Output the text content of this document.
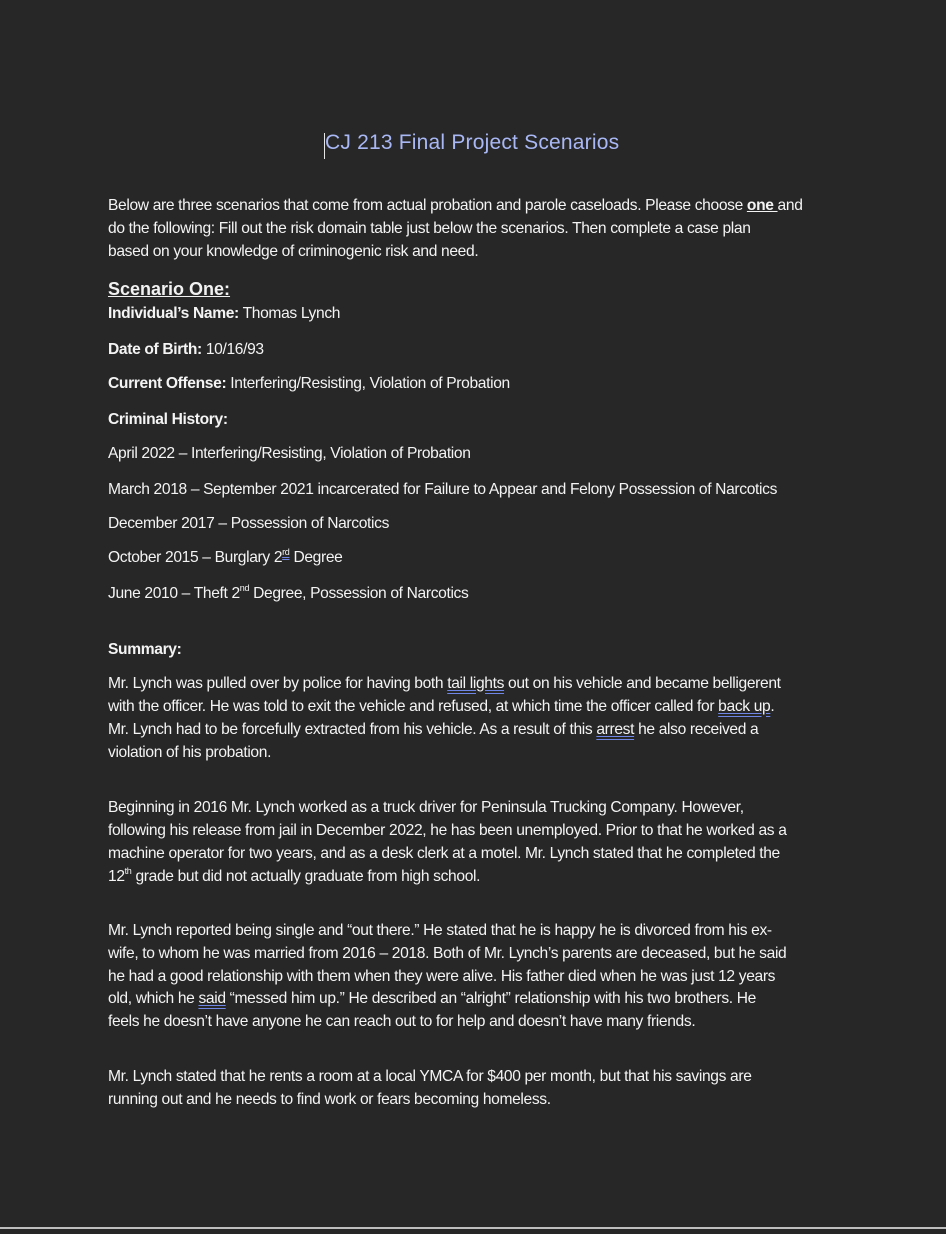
CJ 213 Final Project Scenarios
Below are three scenarios that come from actual probation and parole caseloads. Please choose one and
do the following: Fill out the risk domain table just below the scenarios. Then complete a case plan
based on your knowledge of criminogenic risk and need.
Scenario One:
Individual’s Name: Thomas Lynch
Date of Birth: 10/16/93
Current Offense: Interfering/Resisting, Violation of Probation
Criminal History:
April 2022 – Interfering/Resisting, Violation of Probation
March 2018 – September 2021 incarcerated for Failure to Appear and Felony Possession of Narcotics
December 2017 – Possession of Narcotics
October 2015 – Burglary 2rd Degree
June 2010 – Theft 2nd Degree, Possession of Narcotics
Summary:
Mr. Lynch was pulled over by police for having both tail lights out on his vehicle and became belligerent
with the officer. He was told to exit the vehicle and refused, at which time the officer called for back up.
Mr. Lynch had to be forcefully extracted from his vehicle. As a result of this arrest he also received a
violation of his probation.
Beginning in 2016 Mr. Lynch worked as a truck driver for Peninsula Trucking Company. However,
following his release from jail in December 2022, he has been unemployed. Prior to that he worked as a
machine operator for two years, and as a desk clerk at a motel. Mr. Lynch stated that he completed the
12th grade but did not actually graduate from high school.
Mr. Lynch reported being single and “out there.” He stated that he is happy he is divorced from his ex-
wife, to whom he was married from 2016 – 2018. Both of Mr. Lynch’s parents are deceased, but he said
he had a good relationship with them when they were alive. His father died when he was just 12 years
old, which he said “messed him up.” He described an “alright” relationship with his two brothers. He
feels he doesn’t have anyone he can reach out to for help and doesn’t have many friends.
Mr. Lynch stated that he rents a room at a local YMCA for $400 per month, but that his savings are
running out and he needs to find work or fears becoming homeless.
